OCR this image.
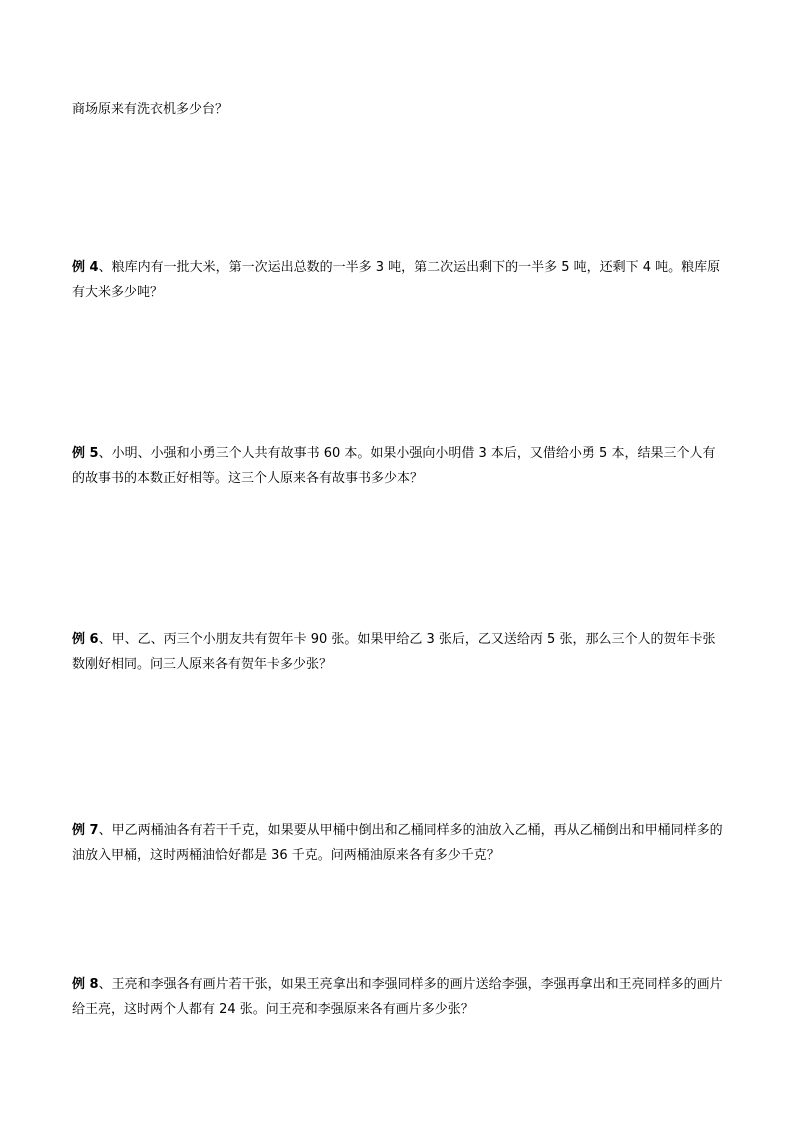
商场原来有洗衣机多少台？

例 4、粮库内有一批大米，第一次运出总数的一半多 3 吨，第二次运出剩下的一半多 5 吨，还剩下 4 吨。粮库原有大米多少吨？

例 5、小明、小强和小勇三个人共有故事书 60 本。如果小强向小明借 3 本后，又借给小勇 5 本，结果三个人有的故事书的本数正好相等。这三个人原来各有故事书多少本？

例 6、甲、乙、丙三个小朋友共有贺年卡 90 张。如果甲给乙 3 张后，乙又送给丙 5 张，那么三个人的贺年卡张数刚好相同。问三人原来各有贺年卡多少张？

例 7、甲乙两桶油各有若干千克，如果要从甲桶中倒出和乙桶同样多的油放入乙桶，再从乙桶倒出和甲桶同样多的油放入甲桶，这时两桶油恰好都是 36 千克。问两桶油原来各有多少千克？

例 8、王亮和李强各有画片若干张，如果王亮拿出和李强同样多的画片送给李强，李强再拿出和王亮同样多的画片给王亮，这时两个人都有 24 张。问王亮和李强原来各有画片多少张？
